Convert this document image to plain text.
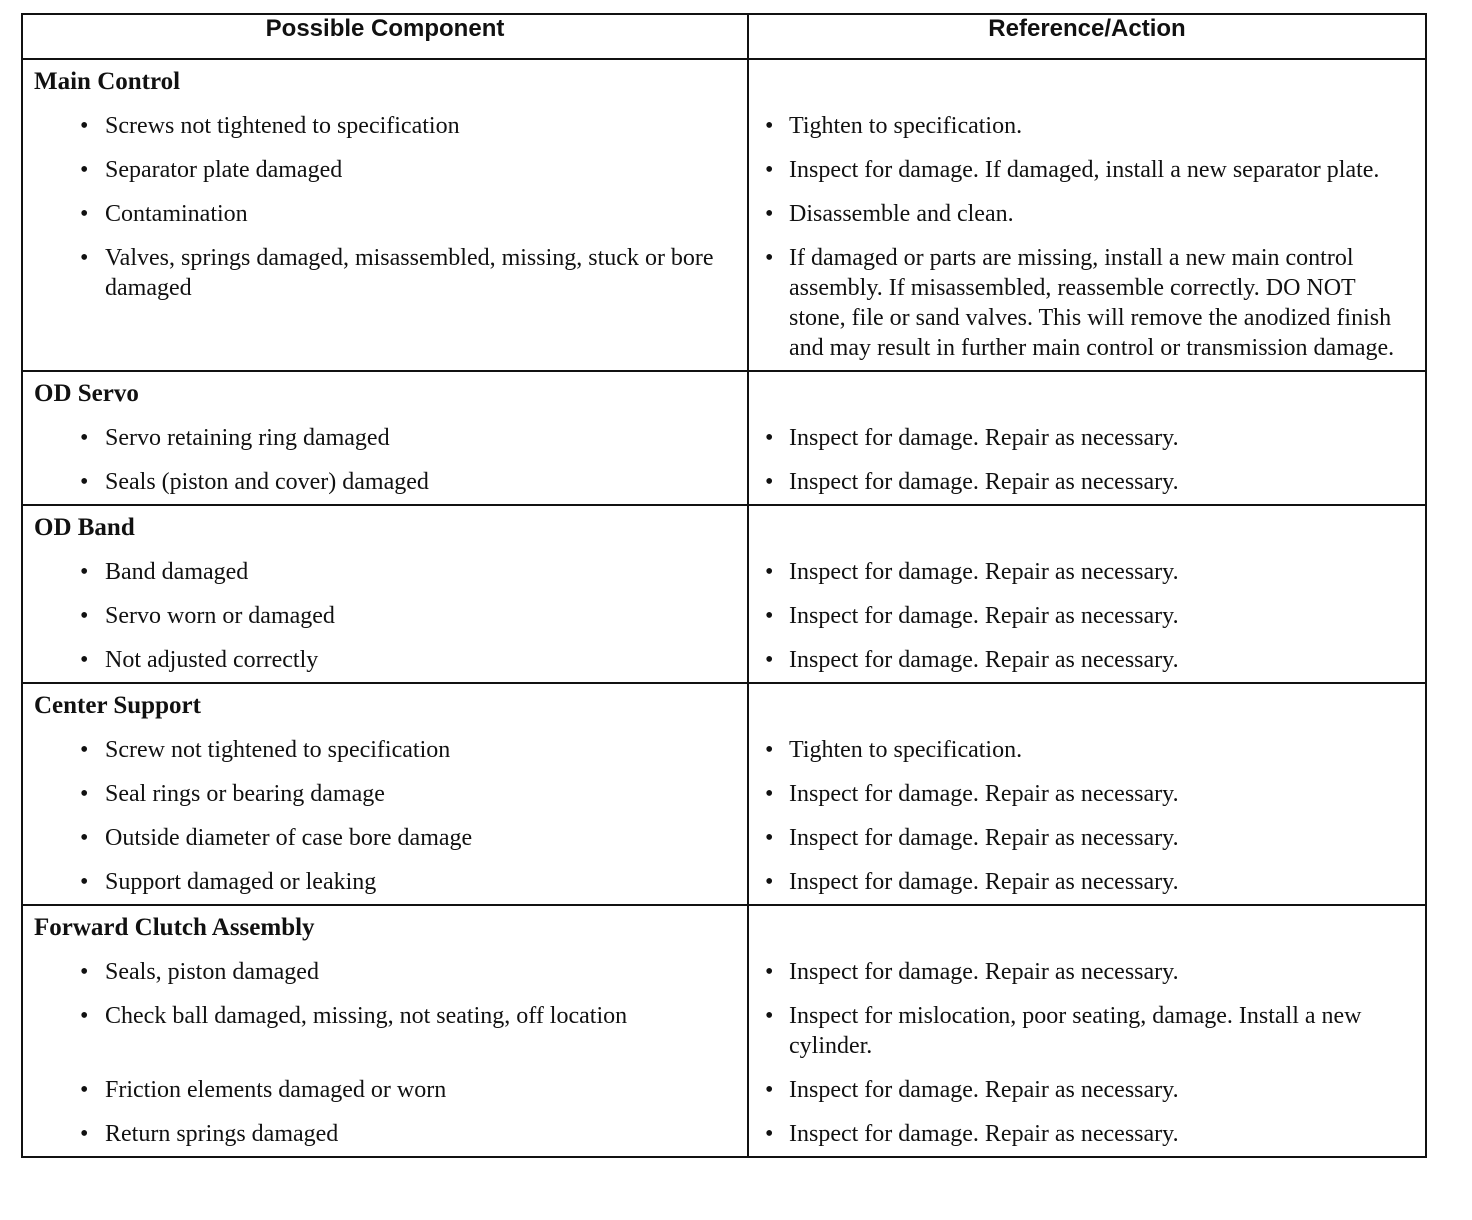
Possible Component	Reference/Action
Main Control	

• Screws not tightened to specification	• Tighten to specification.

• Separator plate damaged	• Inspect for damage. If damaged, install a new separator plate.

• Contamination	• Disassemble and clean.

• Valves, springs damaged, misassembled, missing, stuck or bore damaged	• If damaged or parts are missing, install a new main control assembly. If misassembled, reassemble correctly. DO NOT stone, file or sand valves. This will remove the anodized finish and may result in further main control or transmission damage.

OD Servo	

• Servo retaining ring damaged	• Inspect for damage. Repair as necessary.

• Seals (piston and cover) damaged	• Inspect for damage. Repair as necessary.

OD Band	

• Band damaged	• Inspect for damage. Repair as necessary.

• Servo worn or damaged	• Inspect for damage. Repair as necessary.

• Not adjusted correctly	• Inspect for damage. Repair as necessary.

Center Support	

• Screw not tightened to specification	• Tighten to specification.

• Seal rings or bearing damage	• Inspect for damage. Repair as necessary.

• Outside diameter of case bore damage	• Inspect for damage. Repair as necessary.

• Support damaged or leaking	• Inspect for damage. Repair as necessary.

Forward Clutch Assembly	

• Seals, piston damaged	• Inspect for damage. Repair as necessary.

• Check ball damaged, missing, not seating, off location	• Inspect for mislocation, poor seating, damage. Install a new cylinder.

• Friction elements damaged or worn	• Inspect for damage. Repair as necessary.

• Return springs damaged	• Inspect for damage. Repair as necessary.
